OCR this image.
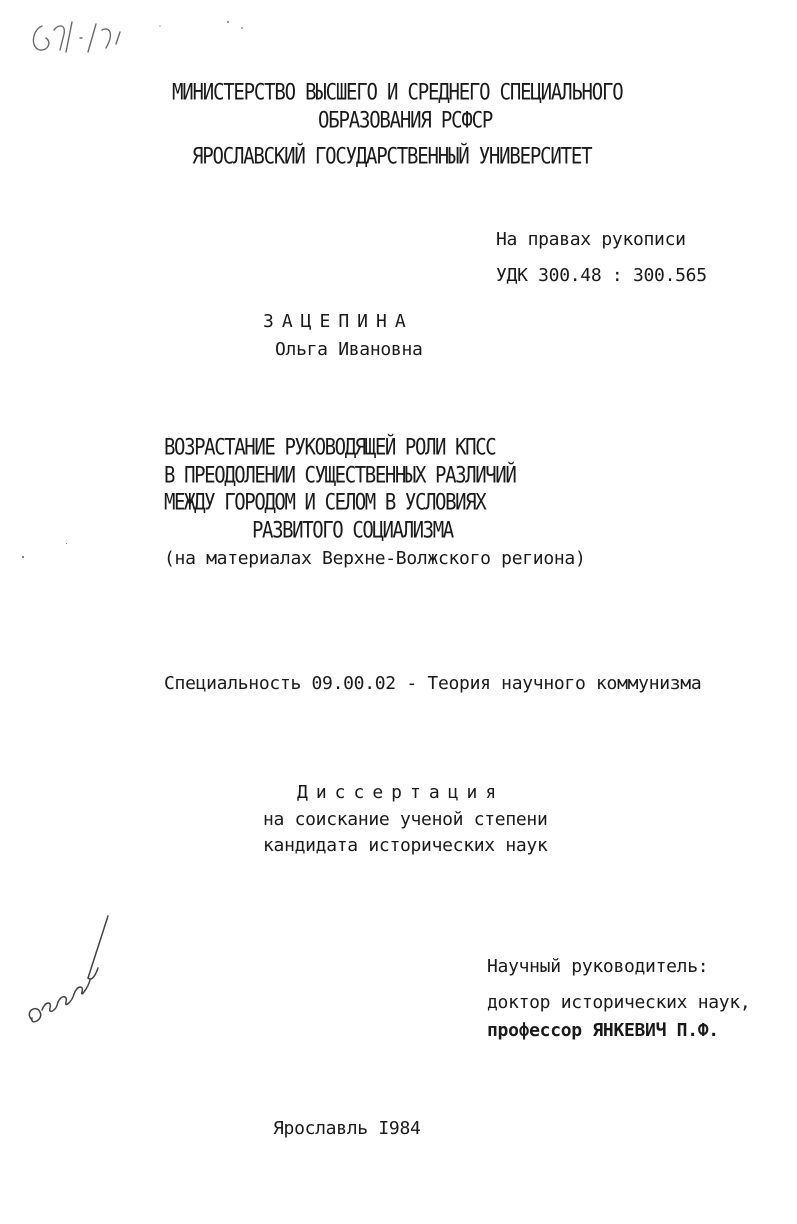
МИНИСТЕРСТВО ВЫСШЕГО И СРЕДНЕГО СПЕЦИАЛЬНОГО
ОБРАЗОВАНИЯ РСФСР
ЯРОСЛАВСКИЙ ГОСУДАРСТВЕННЫЙ УНИВЕРСИТЕТ
На правах рукописи
УДК 300.48 : 300.565
ЗАЦЕПИНА
Ольга Ивановна
ВОЗРАСТАНИЕ РУКОВОДЯЩЕЙ РОЛИ КПСС
В ПРЕОДОЛЕНИИ СУЩЕСТВЕННЫХ РАЗЛИЧИЙ
МЕЖДУ ГОРОДОМ И СЕЛОМ В УСЛОВИЯХ
РАЗВИТОГО СОЦИАЛИЗМА
(на материалах Верхне-Волжского региона)
Специальность 09.00.02 - Теория научного коммунизма
Диссертация
на соискание ученой степени
кандидата исторических наук
Научный руководитель:
доктор исторических наук,
профессор ЯНКЕВИЧ П.Ф.
Ярославль I984
